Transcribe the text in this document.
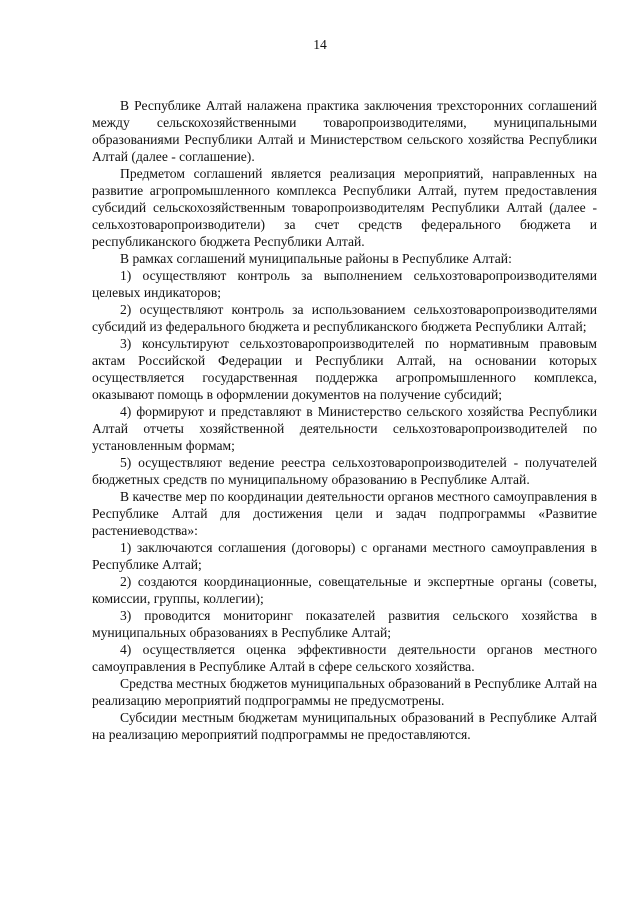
14

В Республике Алтай налажена практика заключения трехсторонних соглашений между сельскохозяйственными товаропроизводителями, муниципальными образованиями Республики Алтай и Министерством сельского хозяйства Республики Алтай (далее - соглашение).

Предметом соглашений является реализация мероприятий, направленных на развитие агропромышленного комплекса Республики Алтай, путем предоставления субсидий сельскохозяйственным товаропроизводителям Республики Алтай (далее - сельхозтоваропроизводители) за счет средств федерального бюджета и республиканского бюджета Республики Алтай.

В рамках соглашений муниципальные районы в Республике Алтай:

1) осуществляют контроль за выполнением сельхозтоваропроизводителями целевых индикаторов;

2) осуществляют контроль за использованием сельхозтоваропроизводителями субсидий из федерального бюджета и республиканского бюджета Республики Алтай;

3) консультируют сельхозтоваропроизводителей по нормативным правовым актам Российской Федерации и Республики Алтай, на основании которых осуществляется государственная поддержка агропромышленного комплекса, оказывают помощь в оформлении документов на получение субсидий;

4) формируют и представляют в Министерство сельского хозяйства Республики Алтай отчеты хозяйственной деятельности сельхозтоваропроизводителей по установленным формам;

5) осуществляют ведение реестра сельхозтоваропроизводителей - получателей бюджетных средств по муниципальному образованию в Республике Алтай.

В качестве мер по координации деятельности органов местного самоуправления в Республике Алтай для достижения цели и задач подпрограммы «Развитие растениеводства»:

1) заключаются соглашения (договоры) с органами местного самоуправления в Республике Алтай;

2) создаются координационные, совещательные и экспертные органы (советы, комиссии, группы, коллегии);

3) проводится мониторинг показателей развития сельского хозяйства в муниципальных образованиях в Республике Алтай;

4) осуществляется оценка эффективности деятельности органов местного самоуправления в Республике Алтай в сфере сельского хозяйства.

Средства местных бюджетов муниципальных образований в Республике Алтай на реализацию мероприятий подпрограммы не предусмотрены.

Субсидии местным бюджетам муниципальных образований в Республике Алтай на реализацию мероприятий подпрограммы не предоставляются.
